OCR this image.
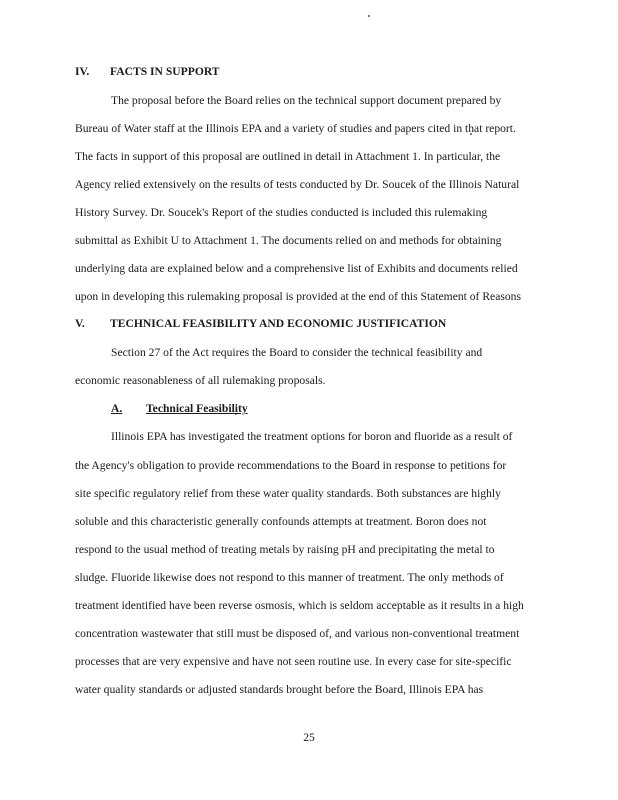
IV. FACTS IN SUPPORT
The proposal before the Board relies on the technical support document prepared by
Bureau of Water staff at the Illinois EPA and a variety of studies and papers cited in that report.
The facts in support of this proposal are outlined in detail in Attachment 1. In particular, the
Agency relied extensively on the results of tests conducted by Dr. Soucek of the Illinois Natural
History Survey. Dr. Soucek's Report of the studies conducted is included this rulemaking
submittal as Exhibit U to Attachment 1. The documents relied on and methods for obtaining
underlying data are explained below and a comprehensive list of Exhibits and documents relied
upon in developing this rulemaking proposal is provided at the end of this Statement of Reasons
V. TECHNICAL FEASIBILITY AND ECONOMIC JUSTIFICATION
Section 27 of the Act requires the Board to consider the technical feasibility and
economic reasonableness of all rulemaking proposals.
A. Technical Feasibility
Illinois EPA has investigated the treatment options for boron and fluoride as a result of
the Agency's obligation to provide recommendations to the Board in response to petitions for
site specific regulatory relief from these water quality standards. Both substances are highly
soluble and this characteristic generally confounds attempts at treatment. Boron does not
respond to the usual method of treating metals by raising pH and precipitating the metal to
sludge. Fluoride likewise does not respond to this manner of treatment. The only methods of
treatment identified have been reverse osmosis, which is seldom acceptable as it results in a high
concentration wastewater that still must be disposed of, and various non-conventional treatment
processes that are very expensive and have not seen routine use. In every case for site-specific
water quality standards or adjusted standards brought before the Board, Illinois EPA has
25
